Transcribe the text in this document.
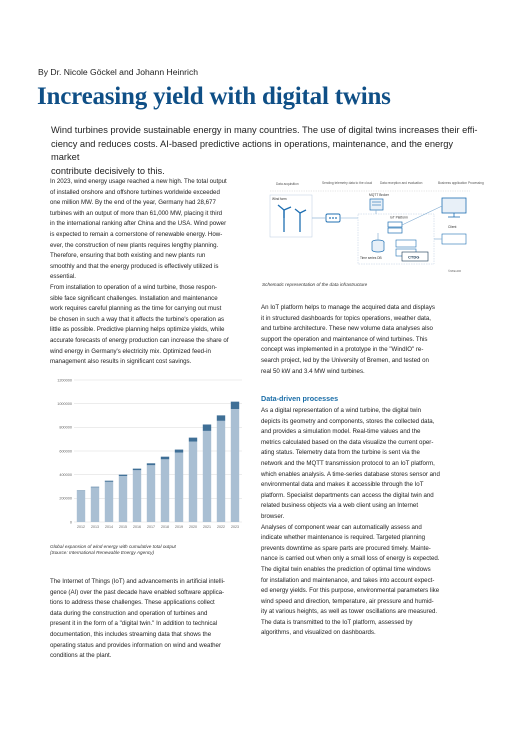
By Dr. Nicole Göckel and Johann Heinrich
Increasing yield with digital twins
Wind turbines provide sustainable energy in many countries. The use of digital twins increases their effi-
ciency and reduces costs. AI-based predictive actions in operations, maintenance, and the energy market
contribute decisively to this.
In 2023, wind energy usage reached a new high. The total output
of installed onshore and offshore turbines worldwide exceeded
one million MW. By the end of the year, Germany had 28,677
turbines with an output of more than 61,000 MW, placing it third
in the international ranking after China and the USA. Wind power
is expected to remain a cornerstone of renewable energy. How-
ever, the construction of new plants requires lengthy planning.
Therefore, ensuring that both existing and new plants run
smoothly and that the energy produced is effectively utilized is
essential.
From installation to operation of a wind turbine, those respon-
sible face significant challenges. Installation and maintenance
work requires careful planning as the time for carrying out must
be chosen in such a way that it affects the turbine's operation as
little as possible. Predictive planning helps optimize yields, while
accurate forecasts of energy production can increase the share of
wind energy in Germany's electricity mix. Optimized feed-in
management also results in significant cost savings.
1200000
1000000
800000
600000
400000
200000
0
2012 2013 2014 2015 2016 2017 2018 2019 2020 2021 2022 2023
Global expansion of wind energy with cumulative total output
(Source: International Renewable Energy Agency)
The Internet of Things (IoT) and advancements in artificial intelli-
gence (AI) over the past decade have enabled software applica-
tions to address these challenges. These applications collect
data during the construction and operation of turbines and
present it in the form of a "digital twin." In addition to technical
documentation, this includes streaming data that shows the
operating status and provides information on wind and weather
conditions at the plant.
Data acquisition	Sending telemetry data to the cloud Data reception and evaluation	Business application Processing
Wind farm
MQTT Broker
IoT Platform
Time series DB	CTDG
Client
©/WindIO
Schematic representation of the data infrastructure
An IoT platform helps to manage the acquired data and displays
it in structured dashboards for topics operations, weather data,
and turbine architecture. These new volume data analyses also
support the operation and maintenance of wind turbines. This
concept was implemented in a prototype in the "WindIO" re-
search project, led by the University of Bremen, and tested on
real 50 kW and 3.4 MW wind turbines.
Data-driven processes
As a digital representation of a wind turbine, the digital twin
depicts its geometry and components, stores the collected data,
and provides a simulation model. Real-time values and the
metrics calculated based on the data visualize the current oper-
ating status. Telemetry data from the turbine is sent via the
network and the MQTT transmission protocol to an IoT platform,
which enables analysis. A time-series database stores sensor and
environmental data and makes it accessible through the IoT
platform. Specialist departments can access the digital twin and
related business objects via a web client using an Internet
browser.
Analyses of component wear can automatically assess and
indicate whether maintenance is required. Targeted planning
prevents downtime as spare parts are procured timely. Mainte-
nance is carried out when only a small loss of energy is expected.
The digital twin enables the prediction of optimal time windows
for installation and maintenance, and takes into account expect-
ed energy yields. For this purpose, environmental parameters like
wind speed and direction, temperature, air pressure and humid-
ity at various heights, as well as tower oscillations are measured.
The data is transmitted to the IoT platform, assessed by
algorithms, and visualized on dashboards.
